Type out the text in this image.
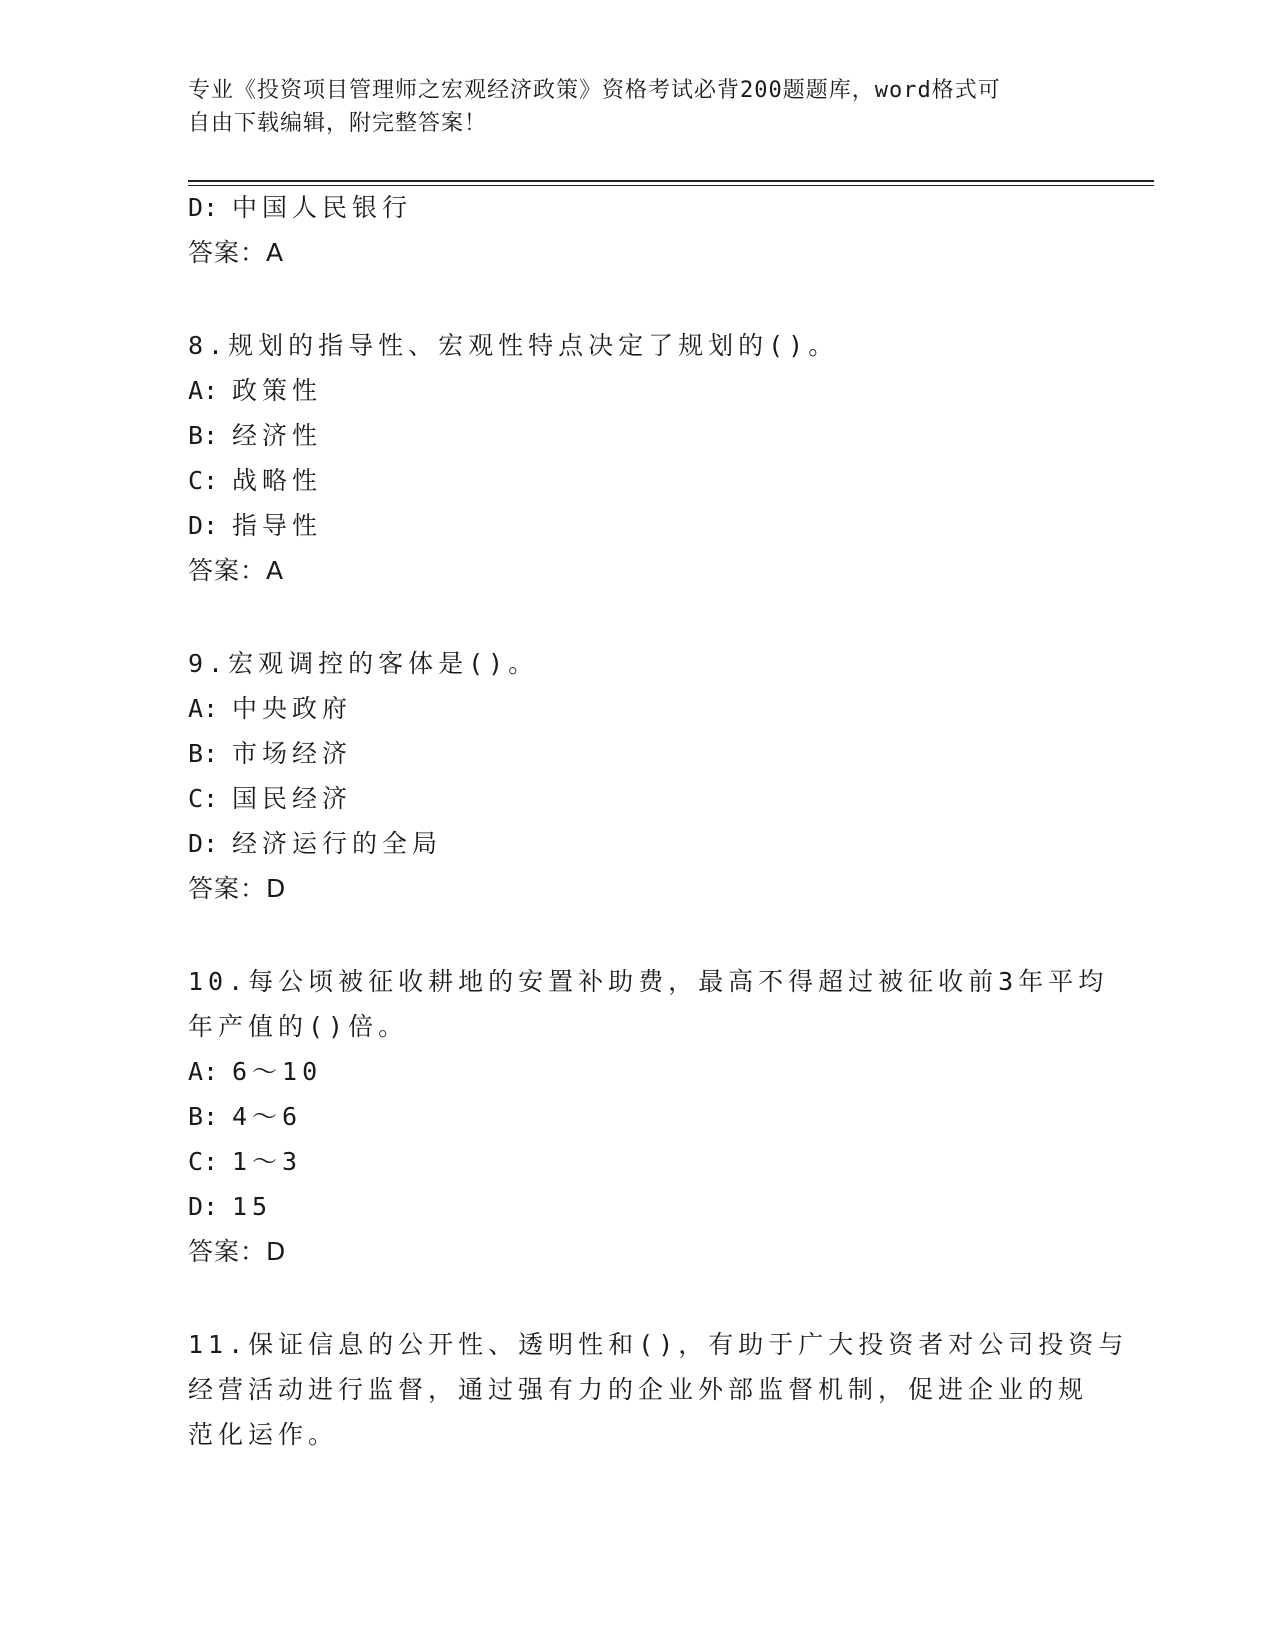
专业《投资项目管理师之宏观经济政策》资格考试必背200题题库，word格式可
自由下载编辑，附完整答案！
D: 中国人民银行
答案：A
8.规划的指导性、宏观性特点决定了规划的()。
A: 政策性
B: 经济性
C: 战略性
D: 指导性
答案：A
9.宏观调控的客体是()。
A: 中央政府
B: 市场经济
C: 国民经济
D: 经济运行的全局
答案：D
10.每公顷被征收耕地的安置补助费，最高不得超过被征收前3年平均
年产值的()倍。
A: 6～10
B: 4～6
C: 1～3
D: 15
答案：D
11.保证信息的公开性、透明性和()，有助于广大投资者对公司投资与
经营活动进行监督，通过强有力的企业外部监督机制，促进企业的规
范化运作。
